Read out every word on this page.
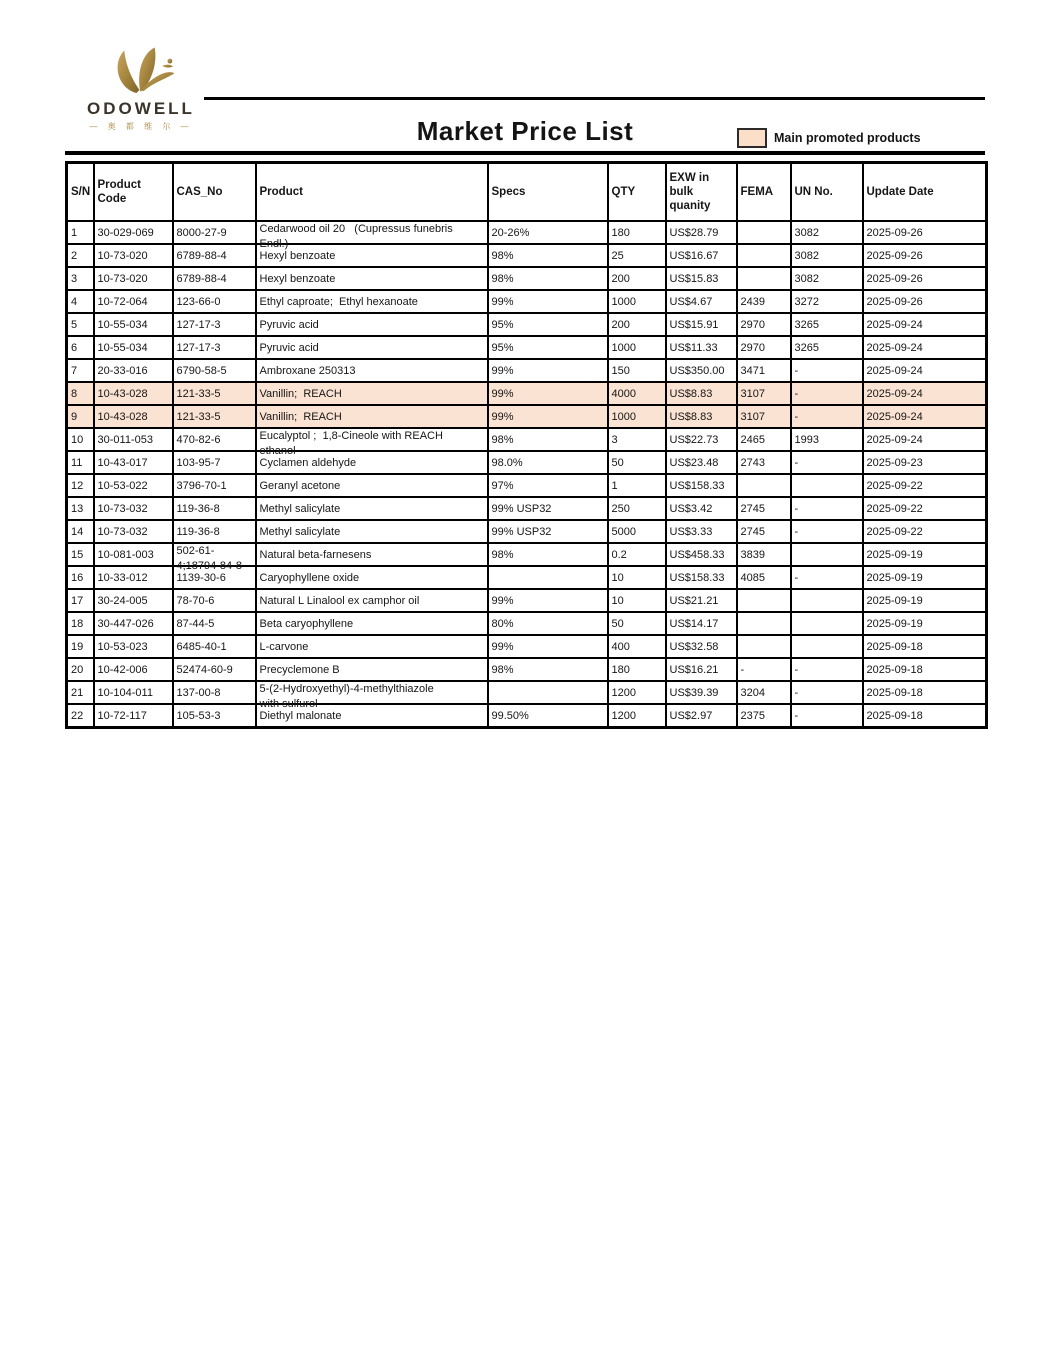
ODOWELL
— 奥 都 维 尔 —	Market Price List	Main promoted products
S/N	Product Code	CAS_No	Product	Specs	QTY	EXW in bulk quanity	FEMA	UN No.	Update Date
1	30-029-069	8000-27-9	Cedarwood oil 20   (Cupressus funebris
Endl.)	20-26%	180	US$28.79		3082	2025-09-26
2	10-73-020	6789-88-4	Hexyl benzoate	98%	25	US$16.67		3082	2025-09-26
3	10-73-020	6789-88-4	Hexyl benzoate	98%	200	US$15.83		3082	2025-09-26
4	10-72-064	123-66-0	Ethyl caproate;  Ethyl hexanoate	99%	1000	US$4.67	2439	3272	2025-09-26
5	10-55-034	127-17-3	Pyruvic acid	95%	200	US$15.91	2970	3265	2025-09-24
6	10-55-034	127-17-3	Pyruvic acid	95%	1000	US$11.33	2970	3265	2025-09-24
7	20-33-016	6790-58-5	Ambroxane 250313	99%	150	US$350.00	3471	-	2025-09-24
8	10-43-028	121-33-5	Vanillin;  REACH	99%	4000	US$8.83	3107	-	2025-09-24
9	10-43-028	121-33-5	Vanillin;  REACH	99%	1000	US$8.83	3107	-	2025-09-24
10	30-011-053	470-82-6	Eucalyptol ;  1,8-Cineole with REACH
ethanol	98%	3	US$22.73	2465	1993	2025-09-24
11	10-43-017	103-95-7	Cyclamen aldehyde	98.0%	50	US$23.48	2743	-	2025-09-23
12	10-53-022	3796-70-1	Geranyl acetone	97%	1	US$158.33			2025-09-22
13	10-73-032	119-36-8	Methyl salicylate	99% USP32	250	US$3.42	2745	-	2025-09-22
14	10-73-032	119-36-8	Methyl salicylate	99% USP32	5000	US$3.33	2745	-	2025-09-22
15	10-081-003	502-61-
4;18794-84-8	Natural beta-farnesens	98%	0.2	US$458.33	3839		2025-09-19
16	10-33-012	1139-30-6	Caryophyllene oxide		10	US$158.33	4085	-	2025-09-19
17	30-24-005	78-70-6	Natural L Linalool ex camphor oil	99%	10	US$21.21			2025-09-19
18	30-447-026	87-44-5	Beta caryophyllene	80%	50	US$14.17			2025-09-19
19	10-53-023	6485-40-1	L-carvone	99%	400	US$32.58			2025-09-18
20	10-42-006	52474-60-9	Precyclemone B	98%	180	US$16.21	-	-	2025-09-18
21	10-104-011	137-00-8	5-(2-Hydroxyethyl)-4-methylthiazole
with sulfurol		1200	US$39.39	3204	-	2025-09-18
22	10-72-117	105-53-3	Diethyl malonate	99.50%	1200	US$2.97	2375	-	2025-09-18
